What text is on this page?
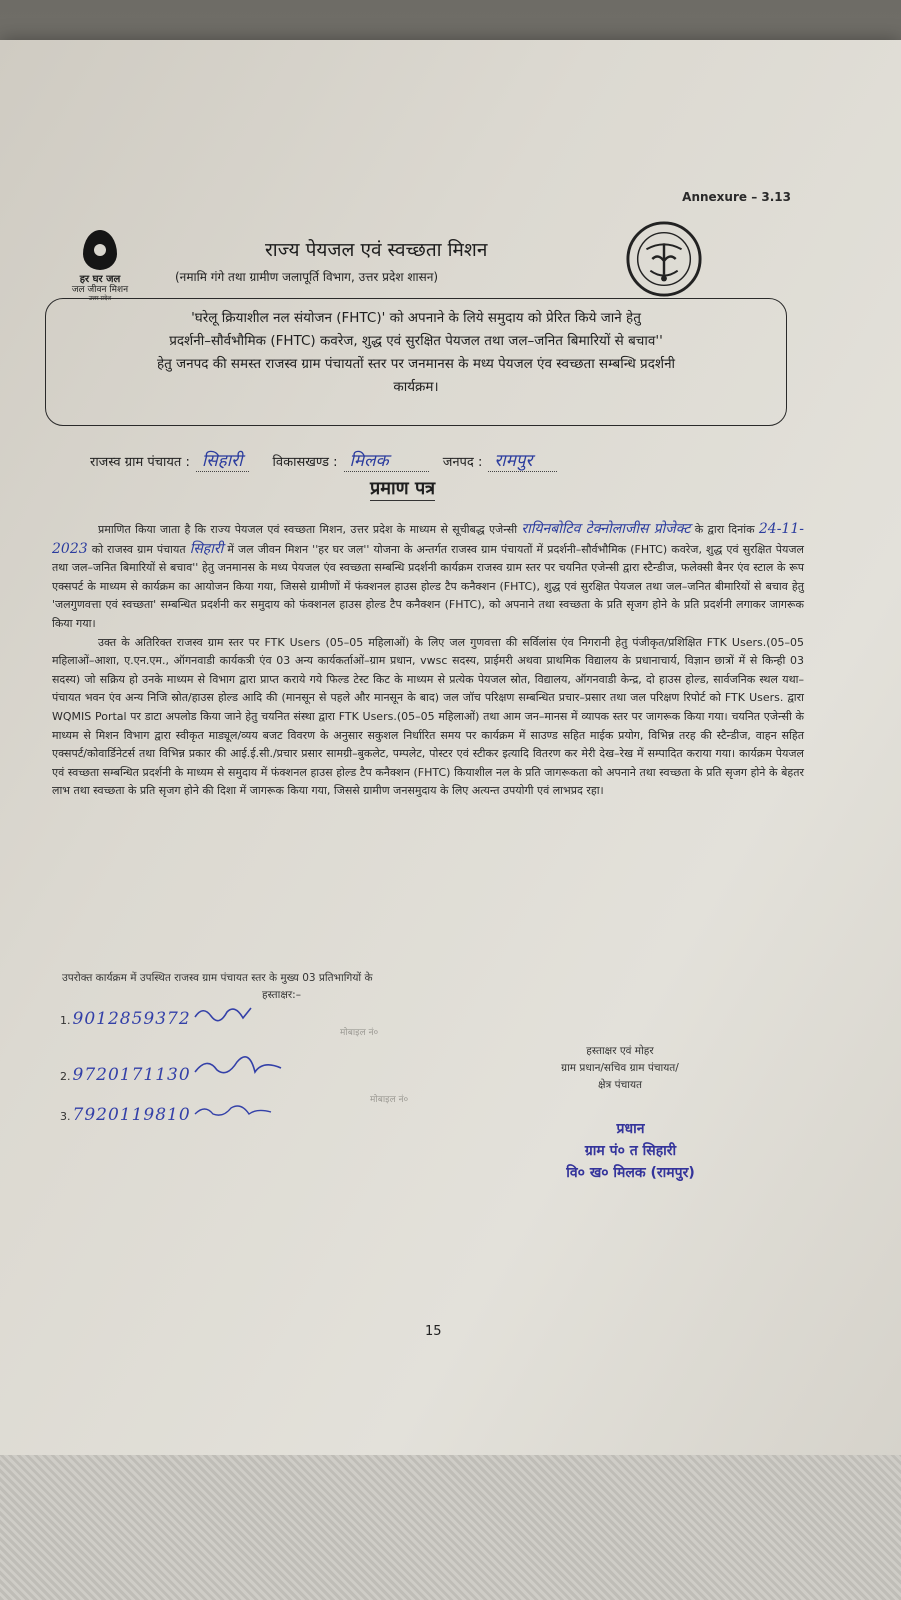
Annexure – 3.13
हर घर जल
जल जीवन मिशन
उत्तर प्रदेश
राज्य पेयजल एवं स्वच्छता मिशन
(नमामि गंगे तथा ग्रामीण जलापूर्ति विभाग, उत्तर प्रदेश शासन)
'घरेलू क्रियाशील नल संयोजन (FHTC)' को अपनाने के लिये समुदाय को प्रेरित किये जाने हेतु
प्रदर्शनी–सौर्वभौमिक (FHTC) कवरेज, शुद्ध एवं सुरक्षित पेयजल तथा जल–जनित बिमारियों से बचाव''
हेतु जनपद की समस्त राजस्व ग्राम पंचायतों स्तर पर जनमानस के मध्य पेयजल एंव स्वच्छता सम्बन्धि प्रदर्शनी
कार्यक्रम।
राजस्व ग्राम पंचायत : सिहारी	विकासखण्ड : मिलक	जनपद : रामपुर
प्रमाण पत्र

प्रमाणित किया जाता है कि राज्य पेयजल एवं स्वच्छता मिशन, उत्तर प्रदेश के माध्यम से सूचीबद्ध एजेन्सी रायिनबोटिव टेक्नोलाजीस प्रोजेक्ट के द्वारा दिनांक 24-11-2023 को राजस्व ग्राम पंचायत सिहारी में जल जीवन मिशन ''हर घर जल'' योजना के अन्तर्गत राजस्व ग्राम पंचायतों में प्रदर्शनी–सौर्वभौमिक (FHTC) कवरेज, शुद्ध एवं सुरक्षित पेयजल तथा जल–जनित बिमारियों से बचाव'' हेतु जनमानस के मध्य पेयजल एंव स्वच्छता सम्बन्धि प्रदर्शनी कार्यक्रम राजस्व ग्राम स्तर पर चयनित एजेन्सी द्वारा स्टैन्डीज, फलेक्सी बैनर एंव स्टाल के रूप एक्सपर्ट के माध्यम से कार्यक्रम का आयोजन किया गया, जिससे ग्रामीणों में फंक्शनल हाउस होल्ड टैप कनैक्शन (FHTC), शुद्ध एवं सुरक्षित पेयजल तथा जल–जनित बीमारियों से बचाव हेतु 'जलगुणवत्ता एवं स्वच्छता' सम्बन्धित प्रदर्शनी कर समुदाय को फंक्शनल हाउस होल्ड टैप कनैक्शन (FHTC), को अपनाने तथा स्वच्छता के प्रति सृजग होने के प्रति प्रदर्शनी लगाकर जागरूक किया गया।

उक्त के अतिरिक्त राजस्व ग्राम स्तर पर FTK Users (05–05 महिलाओं) के लिए जल गुणवत्ता की सर्विलांस एंव निगरानी हेतु पंजीकृत/प्रशिक्षित FTK Users.(05–05 महिलाओं–आशा, ए.एन.एम., ऑगनवाडी कार्यकत्री एंव 03 अन्य कार्यकर्ताओं–ग्राम प्रधान, vwsc सदस्य, प्राईमरी अथवा प्राथमिक विद्यालय के प्रधानाचार्य, विज्ञान छात्रों में से किन्ही 03 सदस्य) जो सक्रिय हो उनके माध्यम से विभाग द्वारा प्राप्त कराये गये फिल्ड टेस्ट किट के माध्यम से प्रत्येक पेयजल स्रोत, विद्यालय, ऑगनवाडी केन्द्र, दो हाउस होल्ड, सार्वजनिक स्थल यथा–पंचायत भवन एंव अन्य निजि स्रोत/हाउस होल्ड आदि की (मानसून से पहले और मानसून के बाद) जल जॉच परिक्षण सम्बन्धित प्रचार–प्रसार तथा जल परिक्षण रिपोर्ट को FTK Users. द्वारा WQMIS Portal पर डाटा अपलोड किया जाने हेतु चयनित संस्था द्वारा FTK Users.(05–05 महिलाओं) तथा आम जन–मानस में व्यापक स्तर पर जागरूक किया गया। चयनित एजेन्सी के माध्यम से मिशन विभाग द्वारा स्वीकृत माड्यूल/व्यय बजट विवरण के अनुसार सकुशल निर्धारित समय पर कार्यक्रम में साउण्ड सहित माईक प्रयोग, विभिन्न तरह की स्टैन्डीज, वाहन सहित एक्सपर्ट/कोवार्डिनेटर्स तथा विभिन्न प्रकार की आई.ई.सी./प्रचार प्रसार सामग्री–बुकलेट, पम्पलेट, पोस्टर एवं स्टीकर इत्यादि वितरण कर मेरी देख–रेख में सम्पादित कराया गया। कार्यक्रम पेयजल एवं स्वच्छता सम्बन्धित प्रदर्शनी के माध्यम से समुदाय में फंक्शनल हाउस होल्ड टैप कनैक्शन (FHTC) कियाशील नल के प्रति जागरूकता को अपनाने तथा स्वच्छता के प्रति सृजग होने के बेहतर लाभ तथा स्वच्छता के प्रति सृजग होने की दिशा में जागरूक किया गया, जिससे ग्रामीण जनसमुदाय के लिए अत्यन्त उपयोगी एवं लाभप्रद रहा।

उपरोक्त कार्यक्रम में उपस्थित राजस्व ग्राम पंचायत स्तर के मुख्य 03 प्रतिभागियों के
हस्ताक्षर:–
1. 9012859372
2. 9720171130
3. 7920119810
मोबाइल नं०
मोबाइल नं०
हस्ताक्षर एवं मोहर
ग्राम प्रधान/सचिव ग्राम पंचायत/
क्षेत्र पंचायत
प्रधान
ग्राम पं० त सिहारी
वि० ख० मिलक (रामपुर)
15
